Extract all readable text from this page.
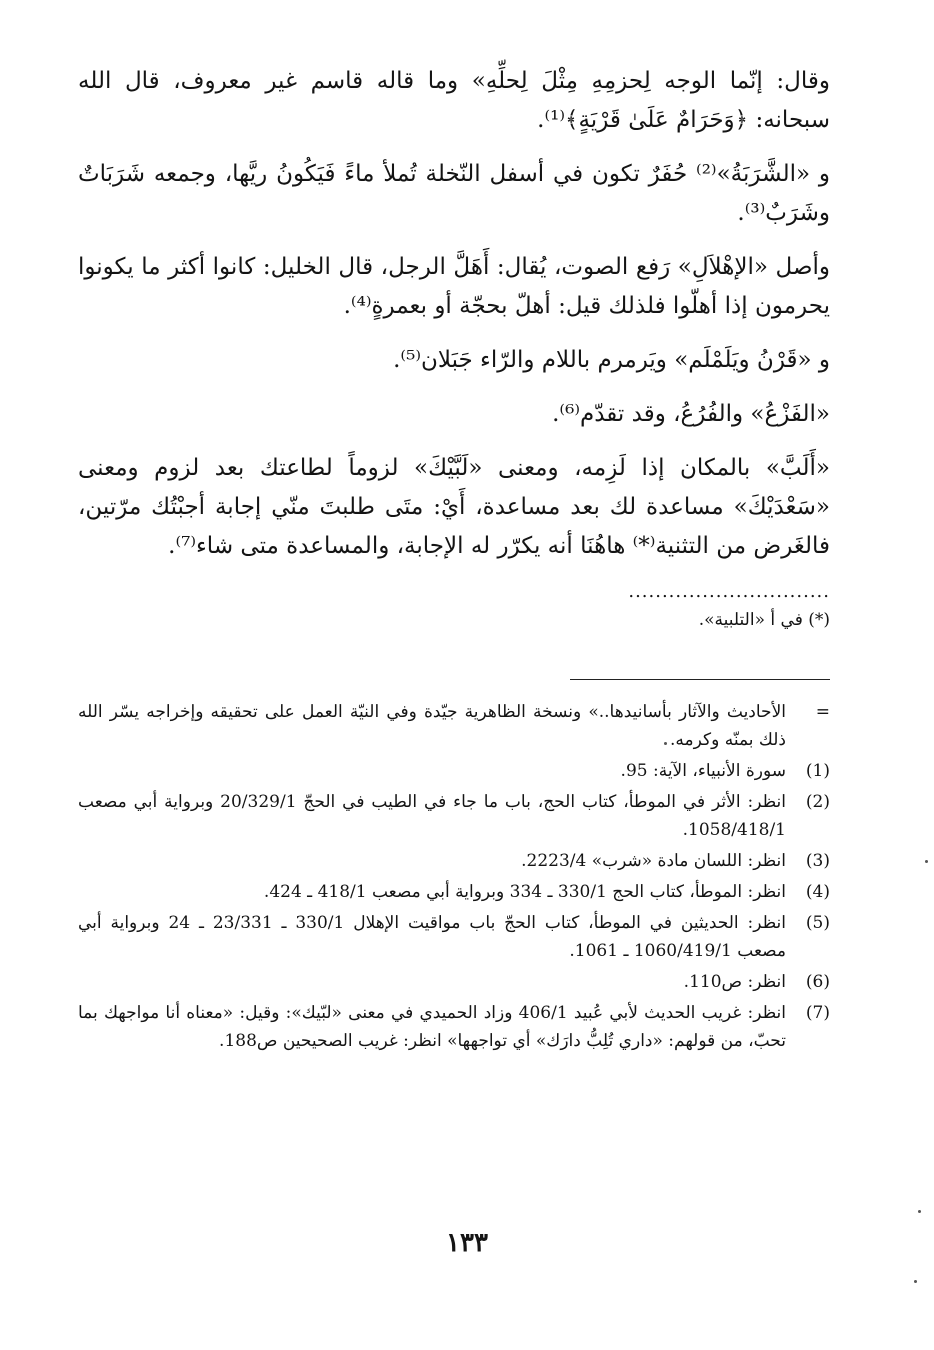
وقال: إنّما الوجه لِحزمِهِ مِثْلَ لِحلِّهِ» وما قاله قاسم غير معروف، قال الله سبحانه: ﴿وَحَرَامٌ عَلَىٰ قَرْيَةٍ﴾⁽¹⁾.

و «الشَّرَبَةُ»⁽²⁾ حُفَرٌ تكون في أسفل النّخلة تُملأ ماءً فَيَكُونُ ريَّها، وجمعه شَرَبَاتٌ وشَرَبٌ⁽³⁾.

وأصل «الإهْلاَلِ» رَفع الصوت، يُقال: أَهَلَّ الرجل، قال الخليل: كانوا أكثر ما يكونوا يحرمون إذا أهلّوا فلذلك قيل: أهلّ بحجّة أو بعمرةٍ⁽⁴⁾.

و «قَرْنُ ويَلَمْلَم» ويَرمرم باللام والرّاء جَبَلان⁽⁵⁾.

«الفَزْعُ» والفُرُعُ، وقد تقدّم⁽⁶⁾.

«أَلَبَّ» بالمكان إذا لَزِمه، ومعنى «لَبَّيْكَ» لزوماً لطاعتك بعد لزوم ومعنى «سَعْدَيْكَ» مساعدة لك بعد مساعدة، أَيْ: متَى طلبتَ منّي إجابة أجبْتُك مرّتين، فالغَرض من التثنية⁽*⁾ هاهُنَا أنه يكرّر له الإجابة، والمساعدة متى شاء⁽⁷⁾.

..............................
(*) في أ «التلبية».
=
الأحاديث والآثار بأسانيدها..» ونسخة الظاهرية جيّدة وفي النيّة العمل على تحقيقه وإخراجه يسّر الله ذلك بمنّه وكرمه.
(1)
سورة الأنبياء، الآية: 95.
(2)
انظر: الأثر في الموطأ، كتاب الحج، باب ما جاء في الطيب في الحجّ 20/329/1 وبرواية أبي مصعب 1058/418/1.
(3)
انظر: اللسان مادة «شرب» 2223/4.
(4)
انظر: الموطأ، كتاب الحج 330/1 ـ 334 وبرواية أبي مصعب 418/1 ـ 424.
(5)
انظر: الحديثين في الموطأ، كتاب الحجّ باب مواقيت الإهلال 330/1 ـ 23/331 ـ 24 وبرواية أبي مصعب 1060/419/1 ـ 1061.
(6)
انظر: ص110.
(7)
انظر: غريب الحديث لأبي عُبيد 406/1 وزاد الحميدي في معنى «لبّيك»: وقيل: «معناه أنا مواجهك بما تحبّ، من قولهم: «داري تُلِبُّ دارَك» أي تواجهها» انظر: غريب الصحيحين ص188.
١٣٣
